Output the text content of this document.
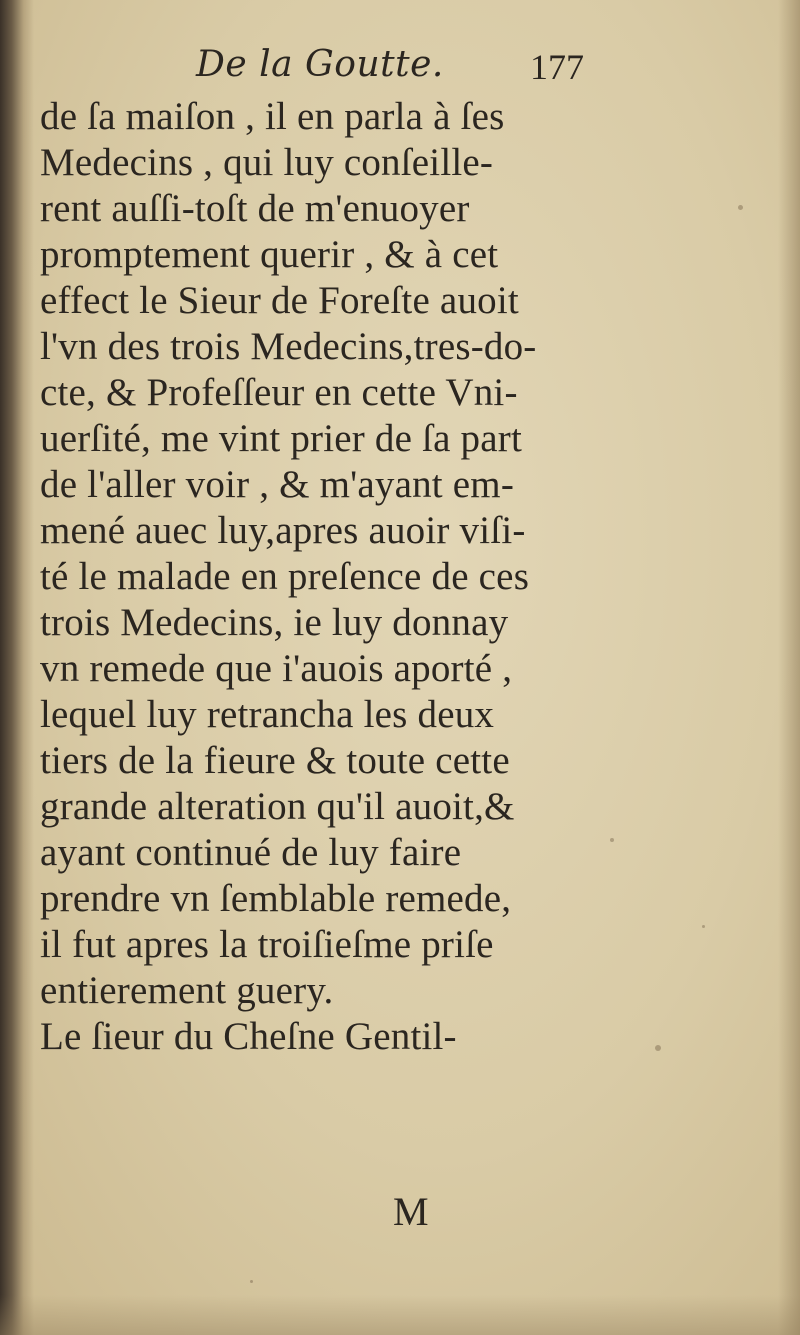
De la Goutte. 177
de ſa maiſon , il en parla à ſes
Medecins , qui luy conſeille-
rent auſſi-toſt de m'enuoyer
promptement querir , & à cet
effect le Sieur de Foreſte auoit
l'vn des trois Medecins,tres-do-
cte, & Profeſſeur en cette Vni-
uerſité, me vint prier de ſa part
de l'aller voir , & m'ayant em-
mené auec luy,apres auoir viſi-
té le malade en preſence de ces
trois Medecins, ie luy donnay
vn remede que i'auois aporté ,
lequel luy retrancha les deux
tiers de la fieure & toute cette
grande alteration qu'il auoit,&
ayant continué de luy faire
prendre vn ſemblable remede,
il fut apres la troiſieſme priſe
entierement guery.
Le ſieur du Cheſne Gentil-
M
